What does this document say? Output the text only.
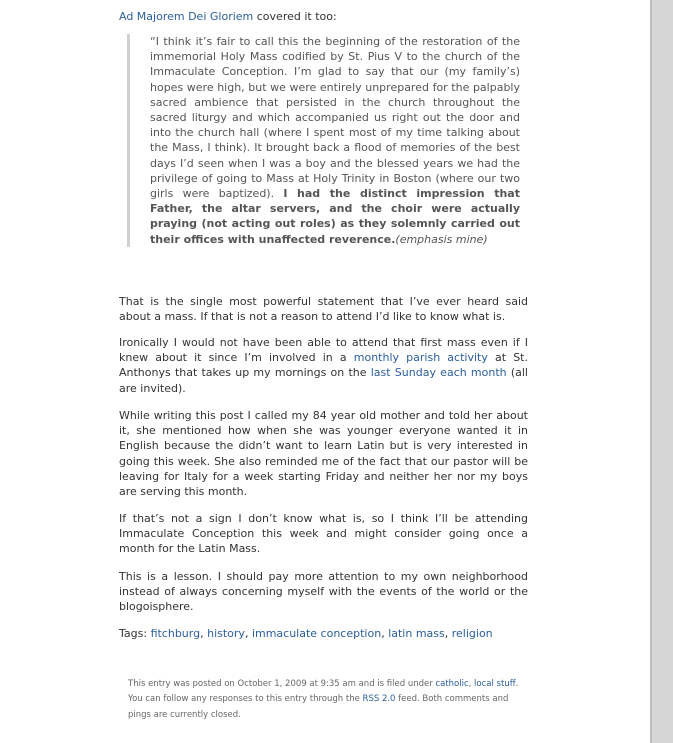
Ad Majorem Dei Gloriem covered it too:

“I think it’s fair to call this the beginning of the restoration of the immemorial Holy Mass codified by St. Pius V to the church of the Immaculate Conception. I’m glad to say that our (my family’s) hopes were high, but we were entirely unprepared for the palpably sacred ambience that persisted in the church throughout the sacred liturgy and which accompanied us right out the door and into the church hall (where I spent most of my time talking about the Mass, I think). It brought back a flood of memories of the best days I’d seen when I was a boy and the blessed years we had the privilege of going to Mass at Holy Trinity in Boston (where our two girls were baptized). I had the distinct impression that Father, the altar servers, and the choir were actually praying (not acting out roles) as they solemnly carried out their offices with unaffected reverence.(emphasis mine)

That is the single most powerful statement that I’ve ever heard said about a mass. If that is not a reason to attend I’d like to know what is.

Ironically I would not have been able to attend that first mass even if I knew about it since I’m involved in a monthly parish activity at St. Anthonys that takes up my mornings on the last Sunday each month (all are invited).

While writing this post I called my 84 year old mother and told her about it, she mentioned how when she was younger everyone wanted it in English because the didn’t want to learn Latin but is very interested in going this week. She also reminded me of the fact that our pastor will be leaving for Italy for a week starting Friday and neither her nor my boys are serving this month.

If that’s not a sign I don’t know what is, so I think I’ll be attending Immaculate Conception this week and might consider going once a month for the Latin Mass.

This is a lesson. I should pay more attention to my own neighborhood instead of always concerning myself with the events of the world or the blogoisphere.

Tags: fitchburg, history, immaculate conception, latin mass, religion
This entry was posted on October 1, 2009 at 9:35 am and is filed under catholic, local stuff. You can follow any responses to this entry through the RSS 2.0 feed. Both comments and pings are currently closed.
